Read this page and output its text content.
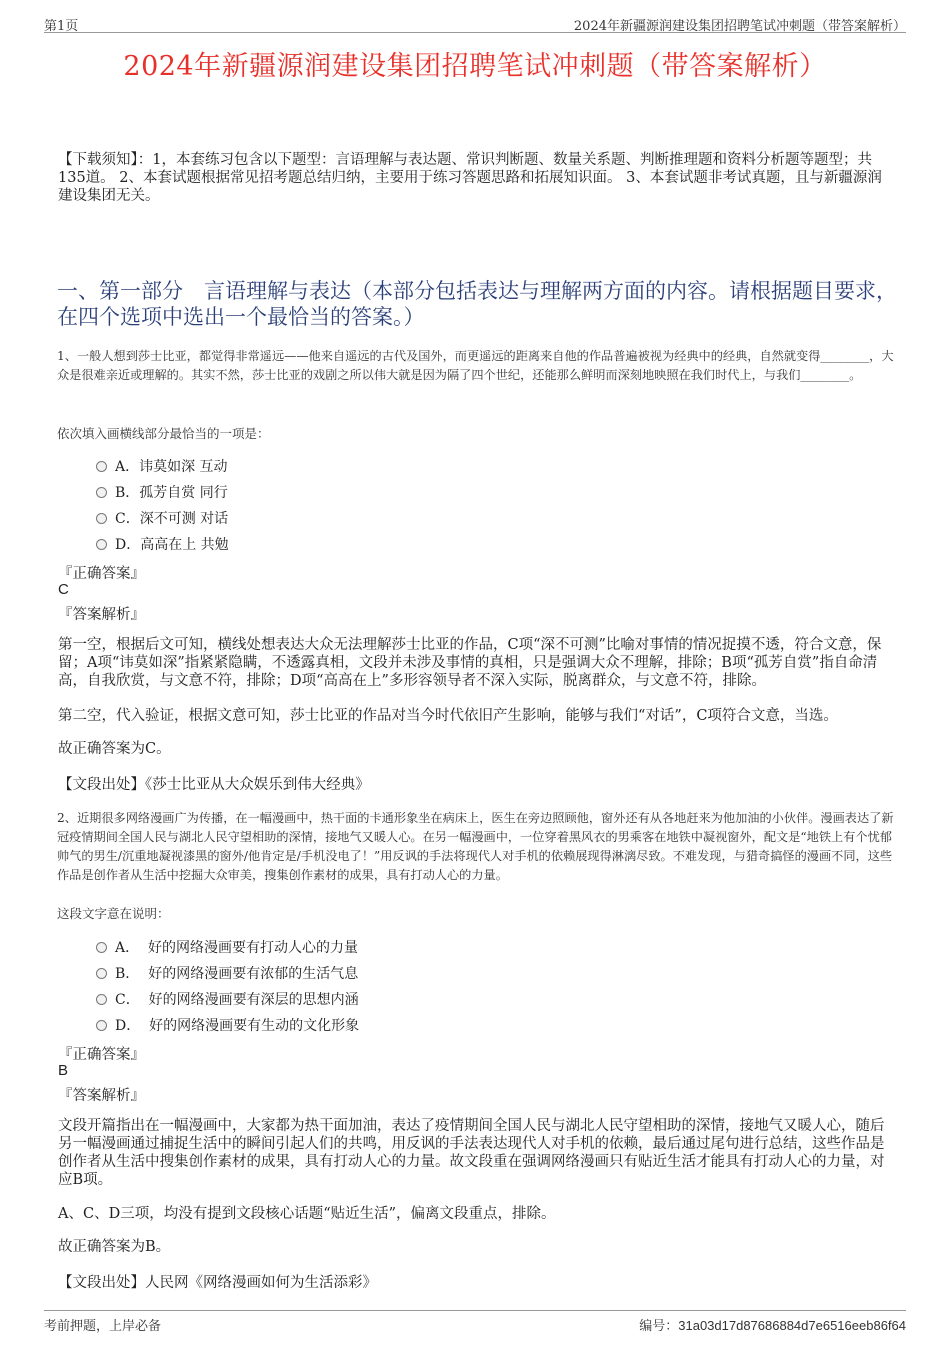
第1页	2024年新疆源润建设集团招聘笔试冲刺题（带答案解析）
2024年新疆源润建设集团招聘笔试冲刺题（带答案解析）
【下载须知】：1，本套练习包含以下题型：言语理解与表达题、常识判断题、数量关系题、判断推理题和资料分析题等题型；共135道。 2、本套试题根据常见招考题总结归纳，主要用于练习答题思路和拓展知识面。 3、本套试题非考试真题，且与新疆源润建设集团无关。
一、第一部分　言语理解与表达（本部分包括表达与理解两方面的内容。请根据题目要求，在四个选项中选出一个最恰当的答案。）
1、一般人想到莎士比亚，都觉得非常遥远——他来自遥远的古代及国外，而更遥远的距离来自他的作品普遍被视为经典中的经典，自然就变得________，大众是很难亲近或理解的。其实不然，莎士比亚的戏剧之所以伟大就是因为隔了四个世纪，还能那么鲜明而深刻地映照在我们时代上，与我们________。
依次填入画横线部分最恰当的一项是：
A．讳莫如深 互动
B．孤芳自赏 同行
C．深不可测 对话
D．高高在上 共勉
『正确答案』
C
『答案解析』
第一空，根据后文可知，横线处想表达大众无法理解莎士比亚的作品，C项“深不可测”比喻对事情的情况捉摸不透，符合文意，保留；A项“讳莫如深”指紧紧隐瞒，不透露真相，文段并未涉及事情的真相，只是强调大众不理解，排除；B项“孤芳自赏”指自命清高，自我欣赏，与文意不符，排除；D项“高高在上”多形容领导者不深入实际，脱离群众，与文意不符，排除。
第二空，代入验证，根据文意可知，莎士比亚的作品对当今时代依旧产生影响，能够与我们“对话”，C项符合文意，当选。
故正确答案为C。
【文段出处】《莎士比亚从大众娱乐到伟大经典》
2、近期很多网络漫画广为传播，在一幅漫画中，热干面的卡通形象坐在病床上，医生在旁边照顾他，窗外还有从各地赶来为他加油的小伙伴。漫画表达了新冠疫情期间全国人民与湖北人民守望相助的深情，接地气又暖人心。在另一幅漫画中，一位穿着黑风衣的男乘客在地铁中凝视窗外，配文是“地铁上有个忧郁帅气的男生/沉重地凝视漆黑的窗外/他肯定是/手机没电了！”用反讽的手法将现代人对手机的依赖展现得淋漓尽致。不难发现，与猎奇搞怪的漫画不同，这些作品是创作者从生活中挖掘大众审美，搜集创作素材的成果，具有打动人心的力量。
这段文字意在说明：
A．  好的网络漫画要有打动人心的力量
B．  好的网络漫画要有浓郁的生活气息
C．  好的网络漫画要有深层的思想内涵
D．  好的网络漫画要有生动的文化形象
『正确答案』
B
『答案解析』
文段开篇指出在一幅漫画中，大家都为热干面加油，表达了疫情期间全国人民与湖北人民守望相助的深情，接地气又暖人心，随后另一幅漫画通过捕捉生活中的瞬间引起人们的共鸣，用反讽的手法表达现代人对手机的依赖，最后通过尾句进行总结，这些作品是创作者从生活中搜集创作素材的成果，具有打动人心的力量。故文段重在强调网络漫画只有贴近生活才能具有打动人心的力量，对应B项。
A、C、D三项，均没有提到文段核心话题“贴近生活”，偏离文段重点，排除。
故正确答案为B。
【文段出处】人民网《网络漫画如何为生活添彩》
考前押题，上岸必备	编号：31a03d17d87686884d7e6516eeb86f64
